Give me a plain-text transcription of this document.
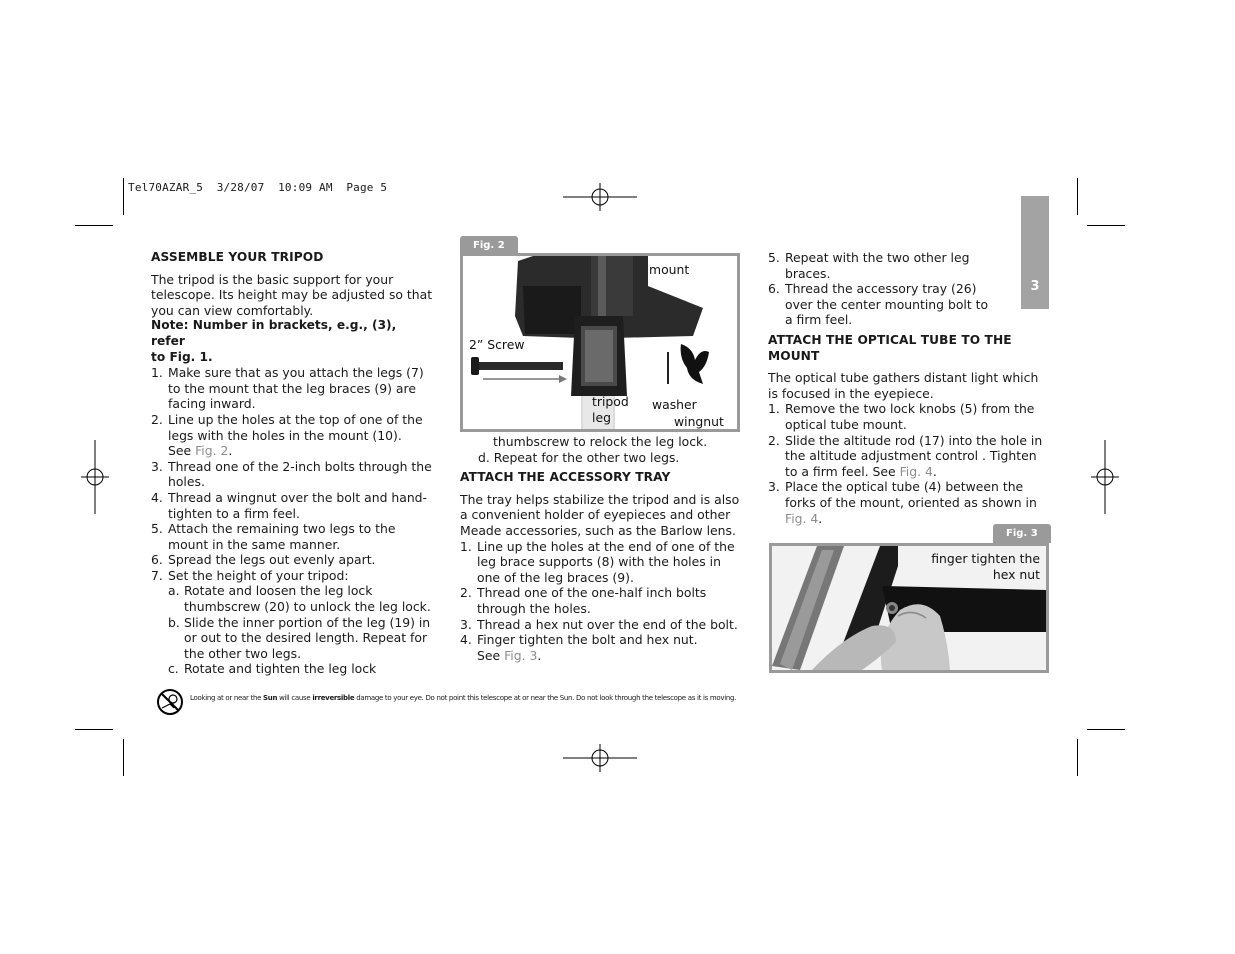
Tel70AZAR_5  3/28/07  10:09 AM  Page 5
3

ASSEMBLE YOUR TRIPOD

The tripod is the basic support for your telescope. Its height may be adjusted so that you can view comfortably.

Note: Number in brackets, e.g., (3), refer

to Fig. 1.

1. Make sure that as you attach the legs (7) to the mount that the leg braces (9) are facing inward.
2. Line up the holes at the top of one of the legs with the holes in the mount (10).
See Fig. 2.
3. Thread one of the 2-inch bolts through the holes.
4. Thread a wingnut over the bolt and hand-tighten to a firm feel.
5. Attach the remaining two legs to the mount in the same manner.
6. Spread the legs out evenly apart.
7. Set the height of your tripod:
a. Rotate and loosen the leg lock thumbscrew (20) to unlock the leg lock.
b. Slide the inner portion of the leg (19) in or out to the desired length. Repeat for the other two legs.
c. Rotate and tighten the leg lock
Fig. 2
mount
2” Screw
tripod
leg
washer
wingnut

thumbscrew to relock the leg lock.

d. Repeat for the other two legs.

ATTACH THE ACCESSORY TRAY

The tray helps stabilize the tripod and is also a convenient holder of eyepieces and other Meade accessories, such as the Barlow lens.

1. Line up the holes at the end of one of the leg brace supports (8) with the holes in one of the leg braces (9).
2. Thread one of the one-half inch bolts through the holes.
3. Thread a hex nut over the end of the bolt.
4. Finger tighten the bolt and hex nut.
See Fig. 3.
5. Repeat with the two other leg braces.
6. Thread the accessory tray (26) over the center mounting bolt to a firm feel.

ATTACH THE OPTICAL TUBE TO THE MOUNT

The optical tube gathers distant light which is focused in the eyepiece.

1. Remove the two lock knobs (5) from the optical tube mount.
2. Slide the altitude rod (17) into the hole in the altitude adjustment control . Tighten to a firm feel. See Fig. 4.
3. Place the optical tube (4) between the forks of the mount, oriented as shown in Fig. 4.
Fig. 3
finger tighten the
hex nut
Looking at or near the Sun will cause irreversible damage to your eye. Do not point this telescope at or near the Sun. Do not look through the telescope as it is moving.
